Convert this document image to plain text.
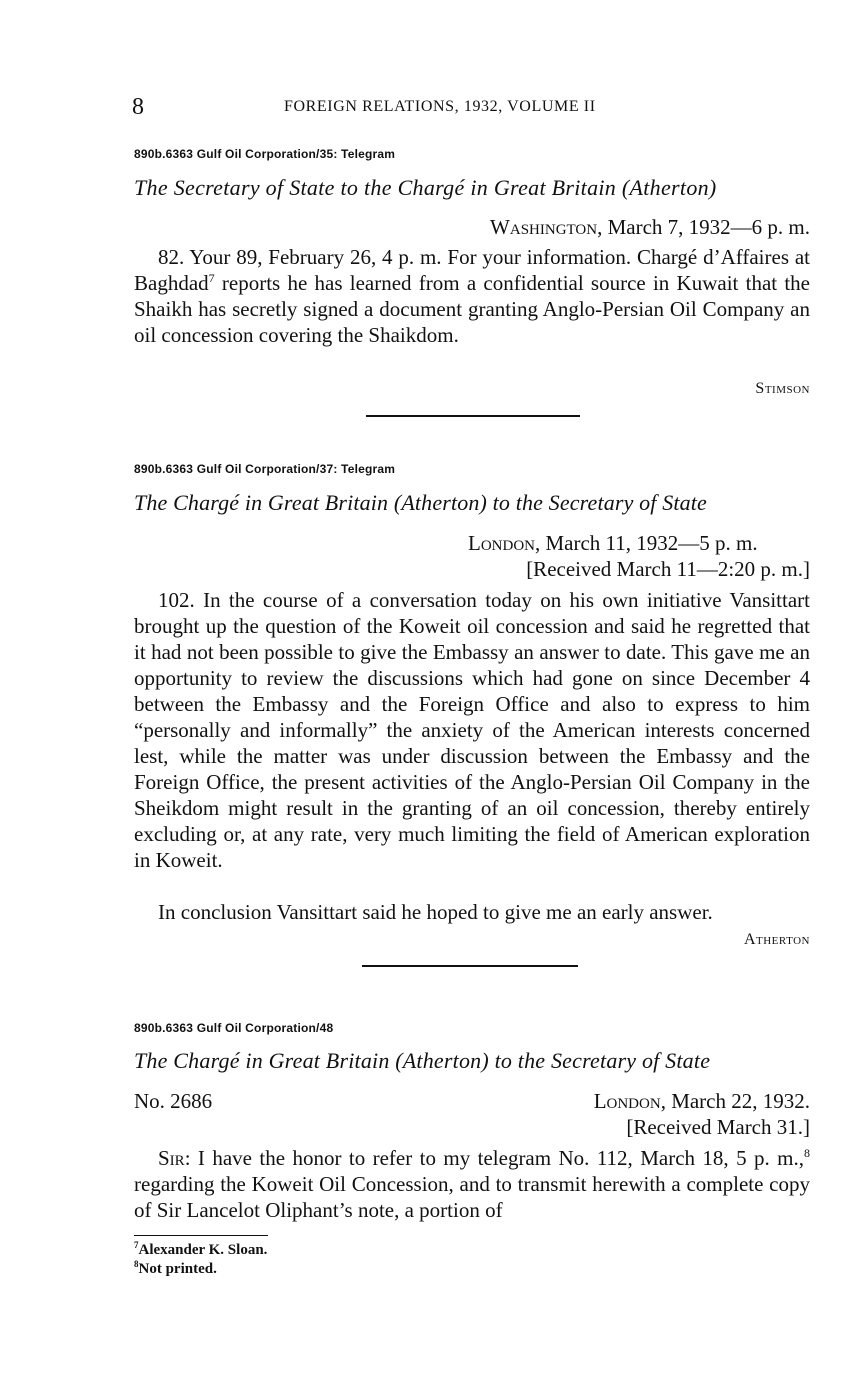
8	FOREIGN RELATIONS, 1932, VOLUME II
890b.6363 Gulf Oil Corporation/35: Telegram
The Secretary of State to the Chargé in Great Britain (Atherton)
Washington, March 7, 1932—6 p. m.

82. Your 89, February 26, 4 p. m. For your information. Chargé d’Affaires at Baghdad$^7$ reports he has learned from a confidential source in Kuwait that the Shaikh has secretly signed a document granting Anglo-Persian Oil Company an oil concession covering the Shaikdom.

Stimson
890b.6363 Gulf Oil Corporation/37: Telegram
The Chargé in Great Britain (Atherton) to the Secretary of State
London, March 11, 1932—5 p. m.
[Received March 11—2:20 p. m.]

102. In the course of a conversation today on his own initiative Vansittart brought up the question of the Koweit oil concession and said he regretted that it had not been possible to give the Embassy an answer to date. This gave me an opportunity to review the discussions which had gone on since December 4 between the Embassy and the Foreign Office and also to express to him “personally and informally” the anxiety of the American interests concerned lest, while the matter was under discussion between the Embassy and the Foreign Office, the present activities of the Anglo-Persian Oil Company in the Sheikdom might result in the granting of an oil concession, thereby entirely excluding or, at any rate, very much limiting the field of American exploration in Koweit.

In conclusion Vansittart said he hoped to give me an early answer.

Atherton
890b.6363 Gulf Oil Corporation/48
The Chargé in Great Britain (Atherton) to the Secretary of State
No. 2686	London, March 22, 1932.
[Received March 31.]

Sir: I have the honor to refer to my telegram No. 112, March 18, 5 p. m.,$^8$ regarding the Koweit Oil Concession, and to transmit herewith a complete copy of Sir Lancelot Oliphant’s note, a portion of

$^7$Alexander K. Sloan.
$^8$Not printed.
